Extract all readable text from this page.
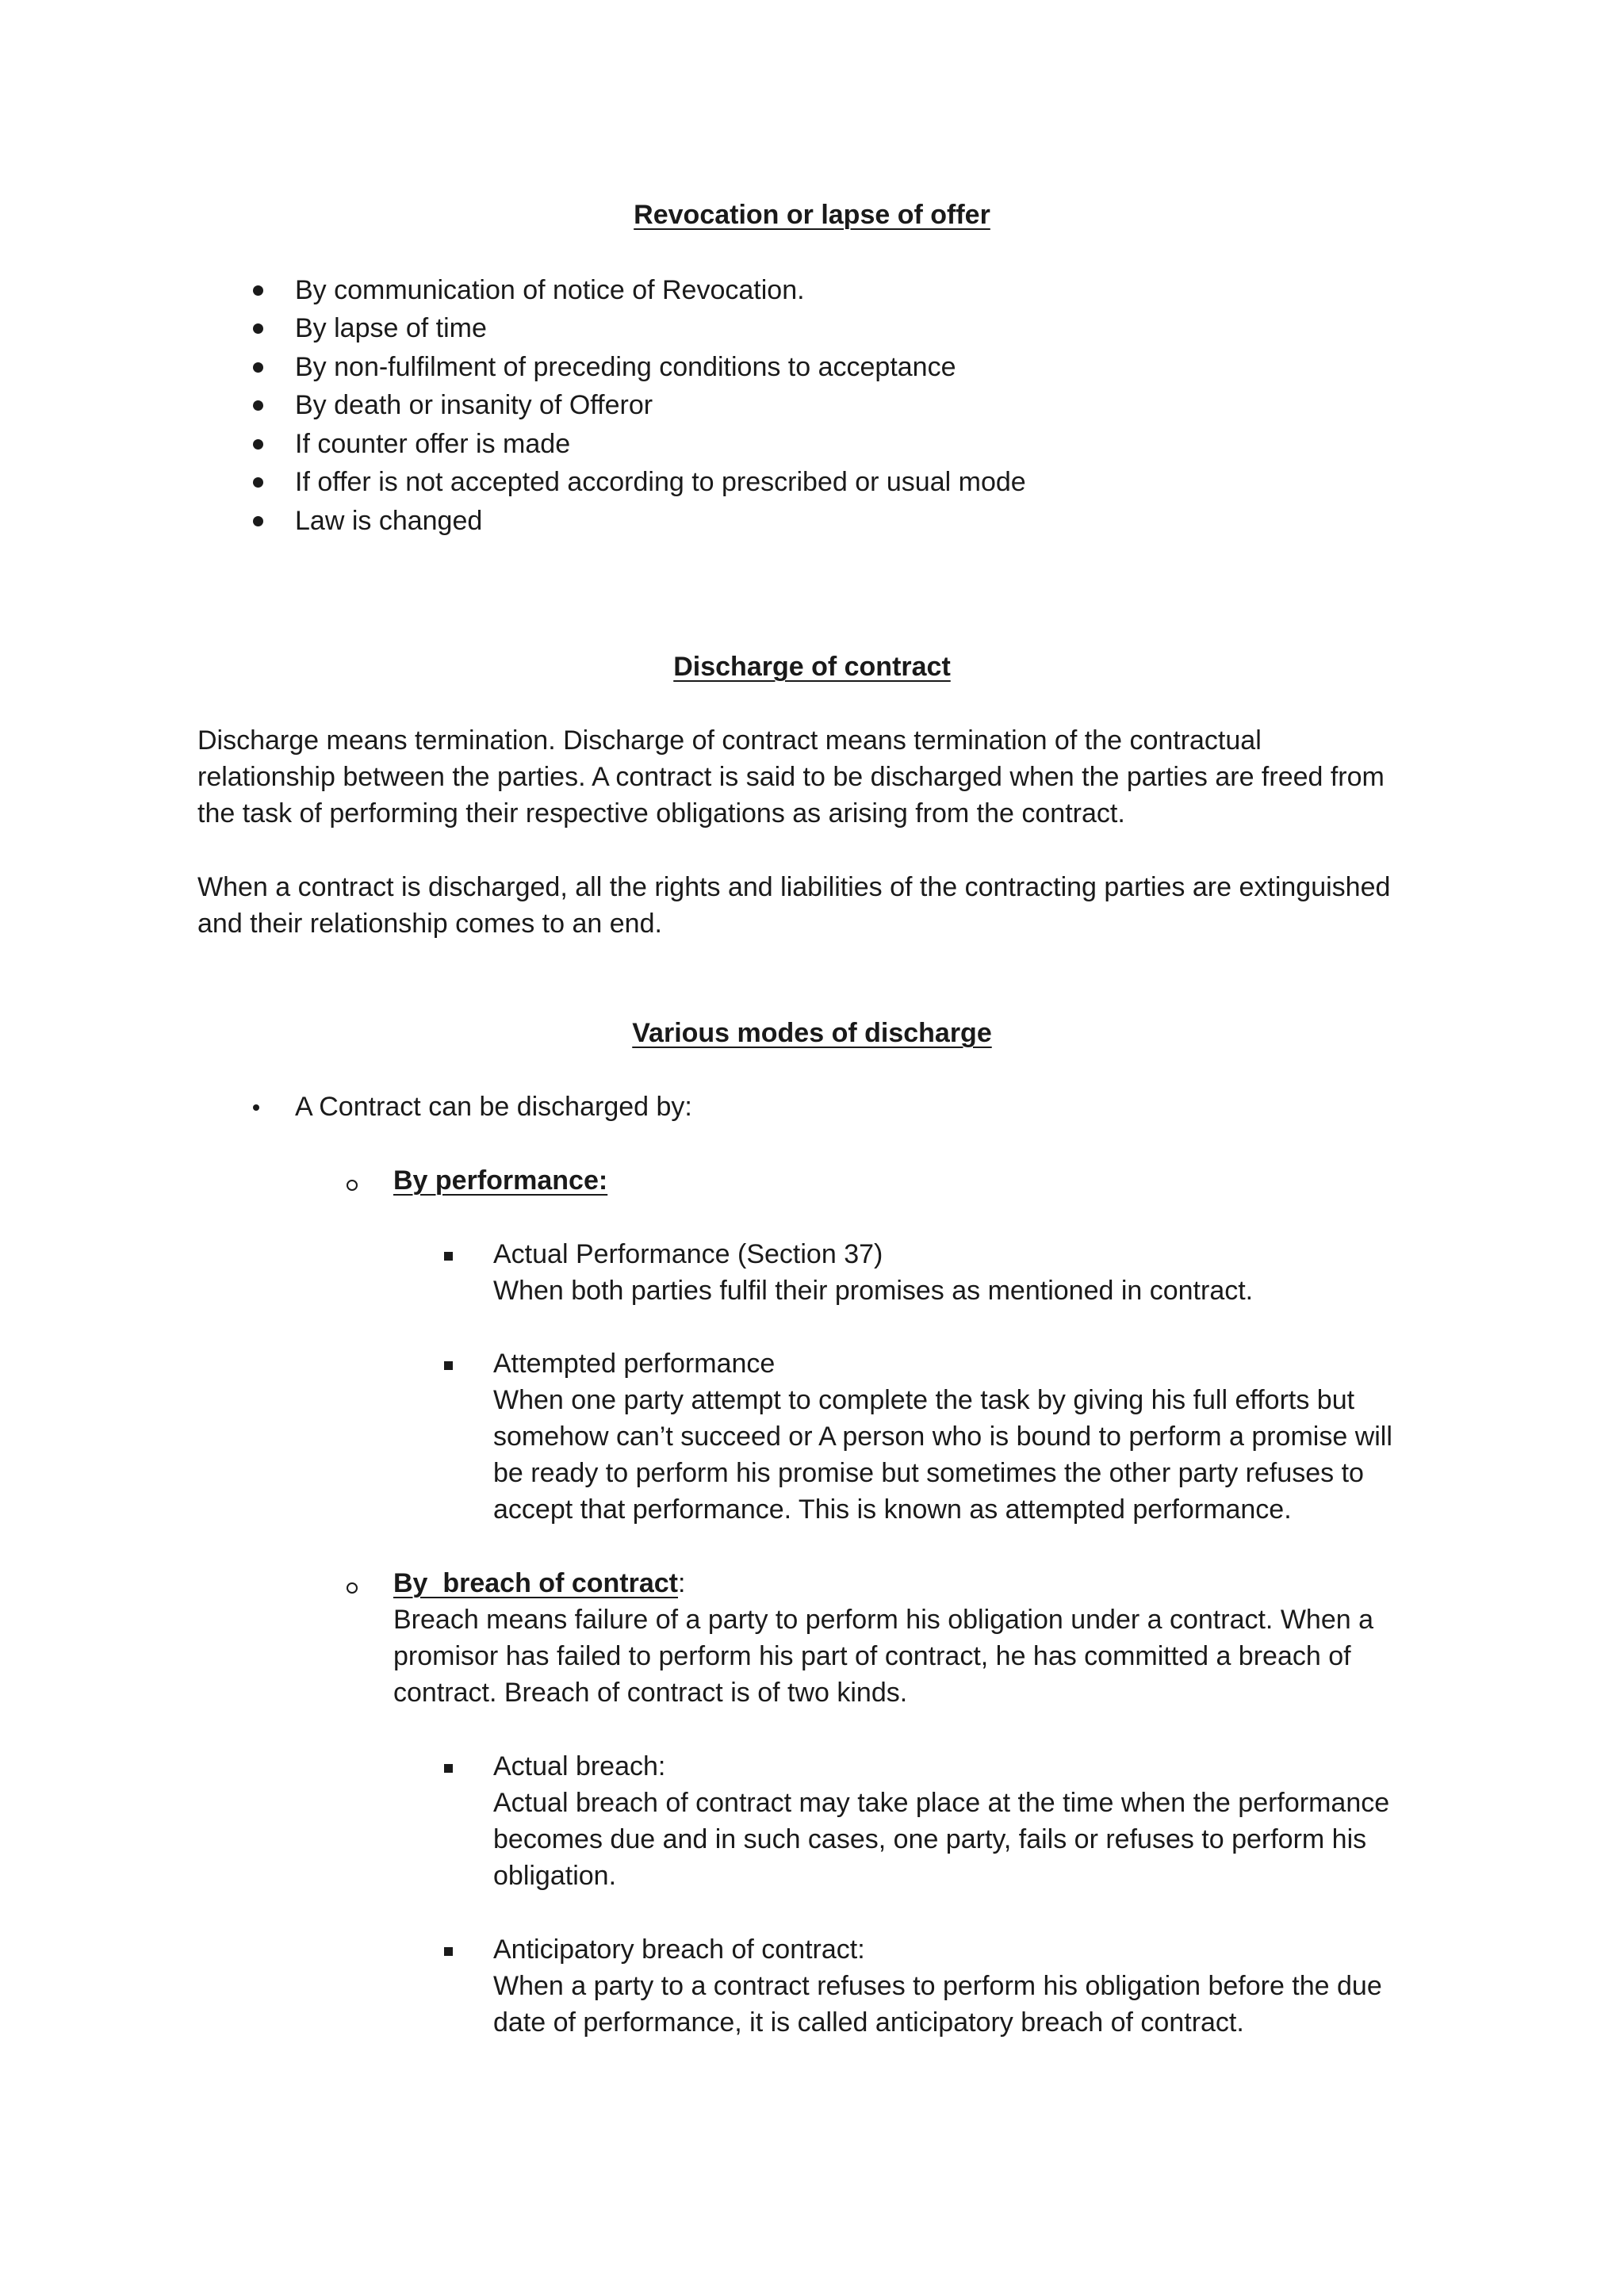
Revocation or lapse of offer
By communication of notice of Revocation.
By lapse of time
By non-fulfilment of preceding conditions to acceptance
By death or insanity of Offeror
If counter offer is made
If offer is not accepted according to prescribed or usual mode
Law is changed
Discharge of contract
Discharge means termination. Discharge of contract means termination of the contractual
relationship between the parties. A contract is said to be discharged when the parties are freed from
the task of performing their respective obligations as arising from the contract.
When a contract is discharged, all the rights and liabilities of the contracting parties are extinguished
and their relationship comes to an end.
Various modes of discharge
A Contract can be discharged by:
By performance:
Actual Performance (Section 37)
When both parties fulfil their promises as mentioned in contract.
Attempted performance
When one party attempt to complete the task by giving his full efforts but
somehow can’t succeed or A person who is bound to perform a promise will
be ready to perform his promise but sometimes the other party refuses to
accept that performance. This is known as attempted performance.
By  breach of contract:
Breach means failure of a party to perform his obligation under a contract. When a
promisor has failed to perform his part of contract, he has committed a breach of
contract. Breach of contract is of two kinds.
Actual breach:
Actual breach of contract may take place at the time when the performance
becomes due and in such cases, one party, fails or refuses to perform his
obligation.
Anticipatory breach of contract:
When a party to a contract refuses to perform his obligation before the due
date of performance, it is called anticipatory breach of contract.
